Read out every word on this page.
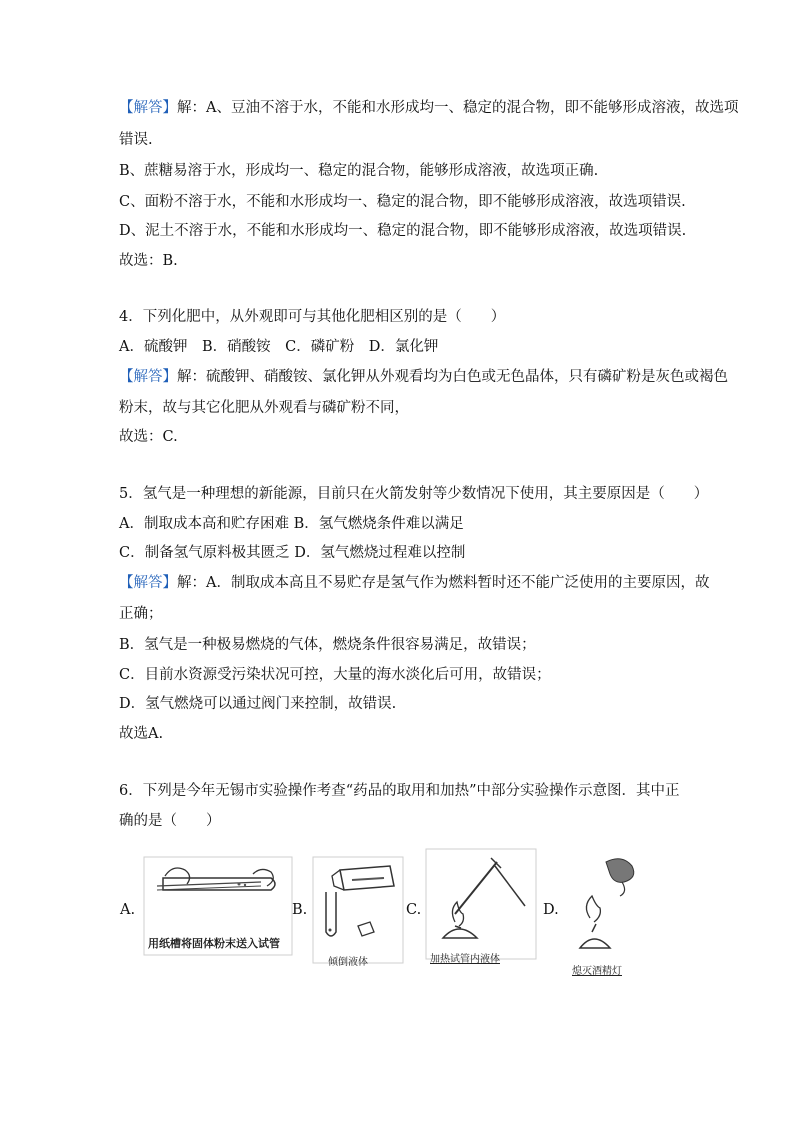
【解答】解：A、豆油不溶于水，不能和水形成均一、稳定的混合物，即不能够形成溶液，故选项
错误.
B、蔗糖易溶于水，形成均一、稳定的混合物，能够形成溶液，故选项正确.
C、面粉不溶于水，不能和水形成均一、稳定的混合物，即不能够形成溶液，故选项错误.
D、泥土不溶于水，不能和水形成均一、稳定的混合物，即不能够形成溶液，故选项错误.
故选：B.
4．下列化肥中，从外观即可与其他化肥相区别的是（　　）
A．硫酸钾　B．硝酸铵　C．磷矿粉　D．氯化钾
【解答】解：硫酸钾、硝酸铵、氯化钾从外观看均为白色或无色晶体，只有磷矿粉是灰色或褐色
粉末，故与其它化肥从外观看与磷矿粉不同，
故选：C.
5．氢气是一种理想的新能源，目前只在火箭发射等少数情况下使用，其主要原因是（　　）
A．制取成本高和贮存困难 B．氢气燃烧条件难以满足
C．制备氢气原料极其匮乏 D．氢气燃烧过程难以控制
【解答】解：A．制取成本高且不易贮存是氢气作为燃料暂时还不能广泛使用的主要原因，故
正确；
B．氢气是一种极易燃烧的气体，燃烧条件很容易满足，故错误；
C．目前水资源受污染状况可控，大量的海水淡化后可用，故错误；
D．氢气燃烧可以通过阀门来控制，故错误.
故选A.
6．下列是今年无锡市实验操作考查“药品的取用和加热”中部分实验操作示意图．其中正
确的是（　　）
A.
用纸槽将固体粉末送入试管
B.
倾倒液体
C.
加热试管内液体
D.
熄灭酒精灯
